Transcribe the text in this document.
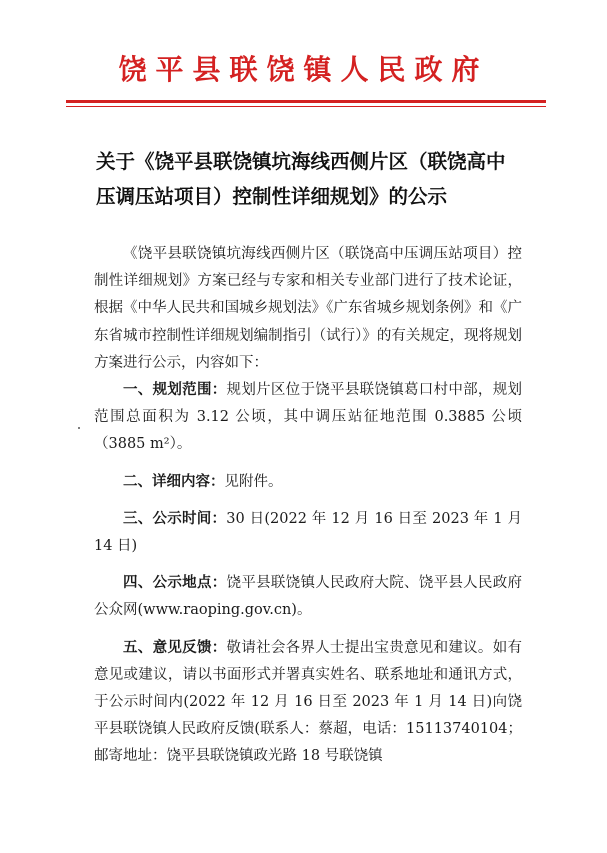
饶平县联饶镇人民政府
关于《饶平县联饶镇坑海线西侧片区（联饶高中
压调压站项目）控制性详细规划》的公示

《饶平县联饶镇坑海线西侧片区（联饶高中压调压站项目）控制性详细规划》方案已经与专家和相关专业部门进行了技术论证，根据《中华人民共和国城乡规划法》《广东省城乡规划条例》和《广东省城市控制性详细规划编制指引（试行）》的有关规定，现将规划方案进行公示，内容如下：

一、规划范围：规划片区位于饶平县联饶镇葛口村中部，规划范围总面积为 3.12 公顷，其中调压站征地范围 0.3885 公顷（3885 m²）。

二、详细内容：见附件。

三、公示时间：30 日(2022 年 12 月 16 日至 2023 年 1 月 14 日)

四、公示地点：饶平县联饶镇人民政府大院、饶平县人民政府公众网(www.raoping.gov.cn)。

五、意见反馈：敬请社会各界人士提出宝贵意见和建议。如有意见或建议，请以书面形式并署真实姓名、联系地址和通讯方式，于公示时间内(2022 年 12 月 16 日至 2023 年 1 月 14 日)向饶平县联饶镇人民政府反馈(联系人：蔡超，电话：15113740104；邮寄地址：饶平县联饶镇政光路 18 号联饶镇
